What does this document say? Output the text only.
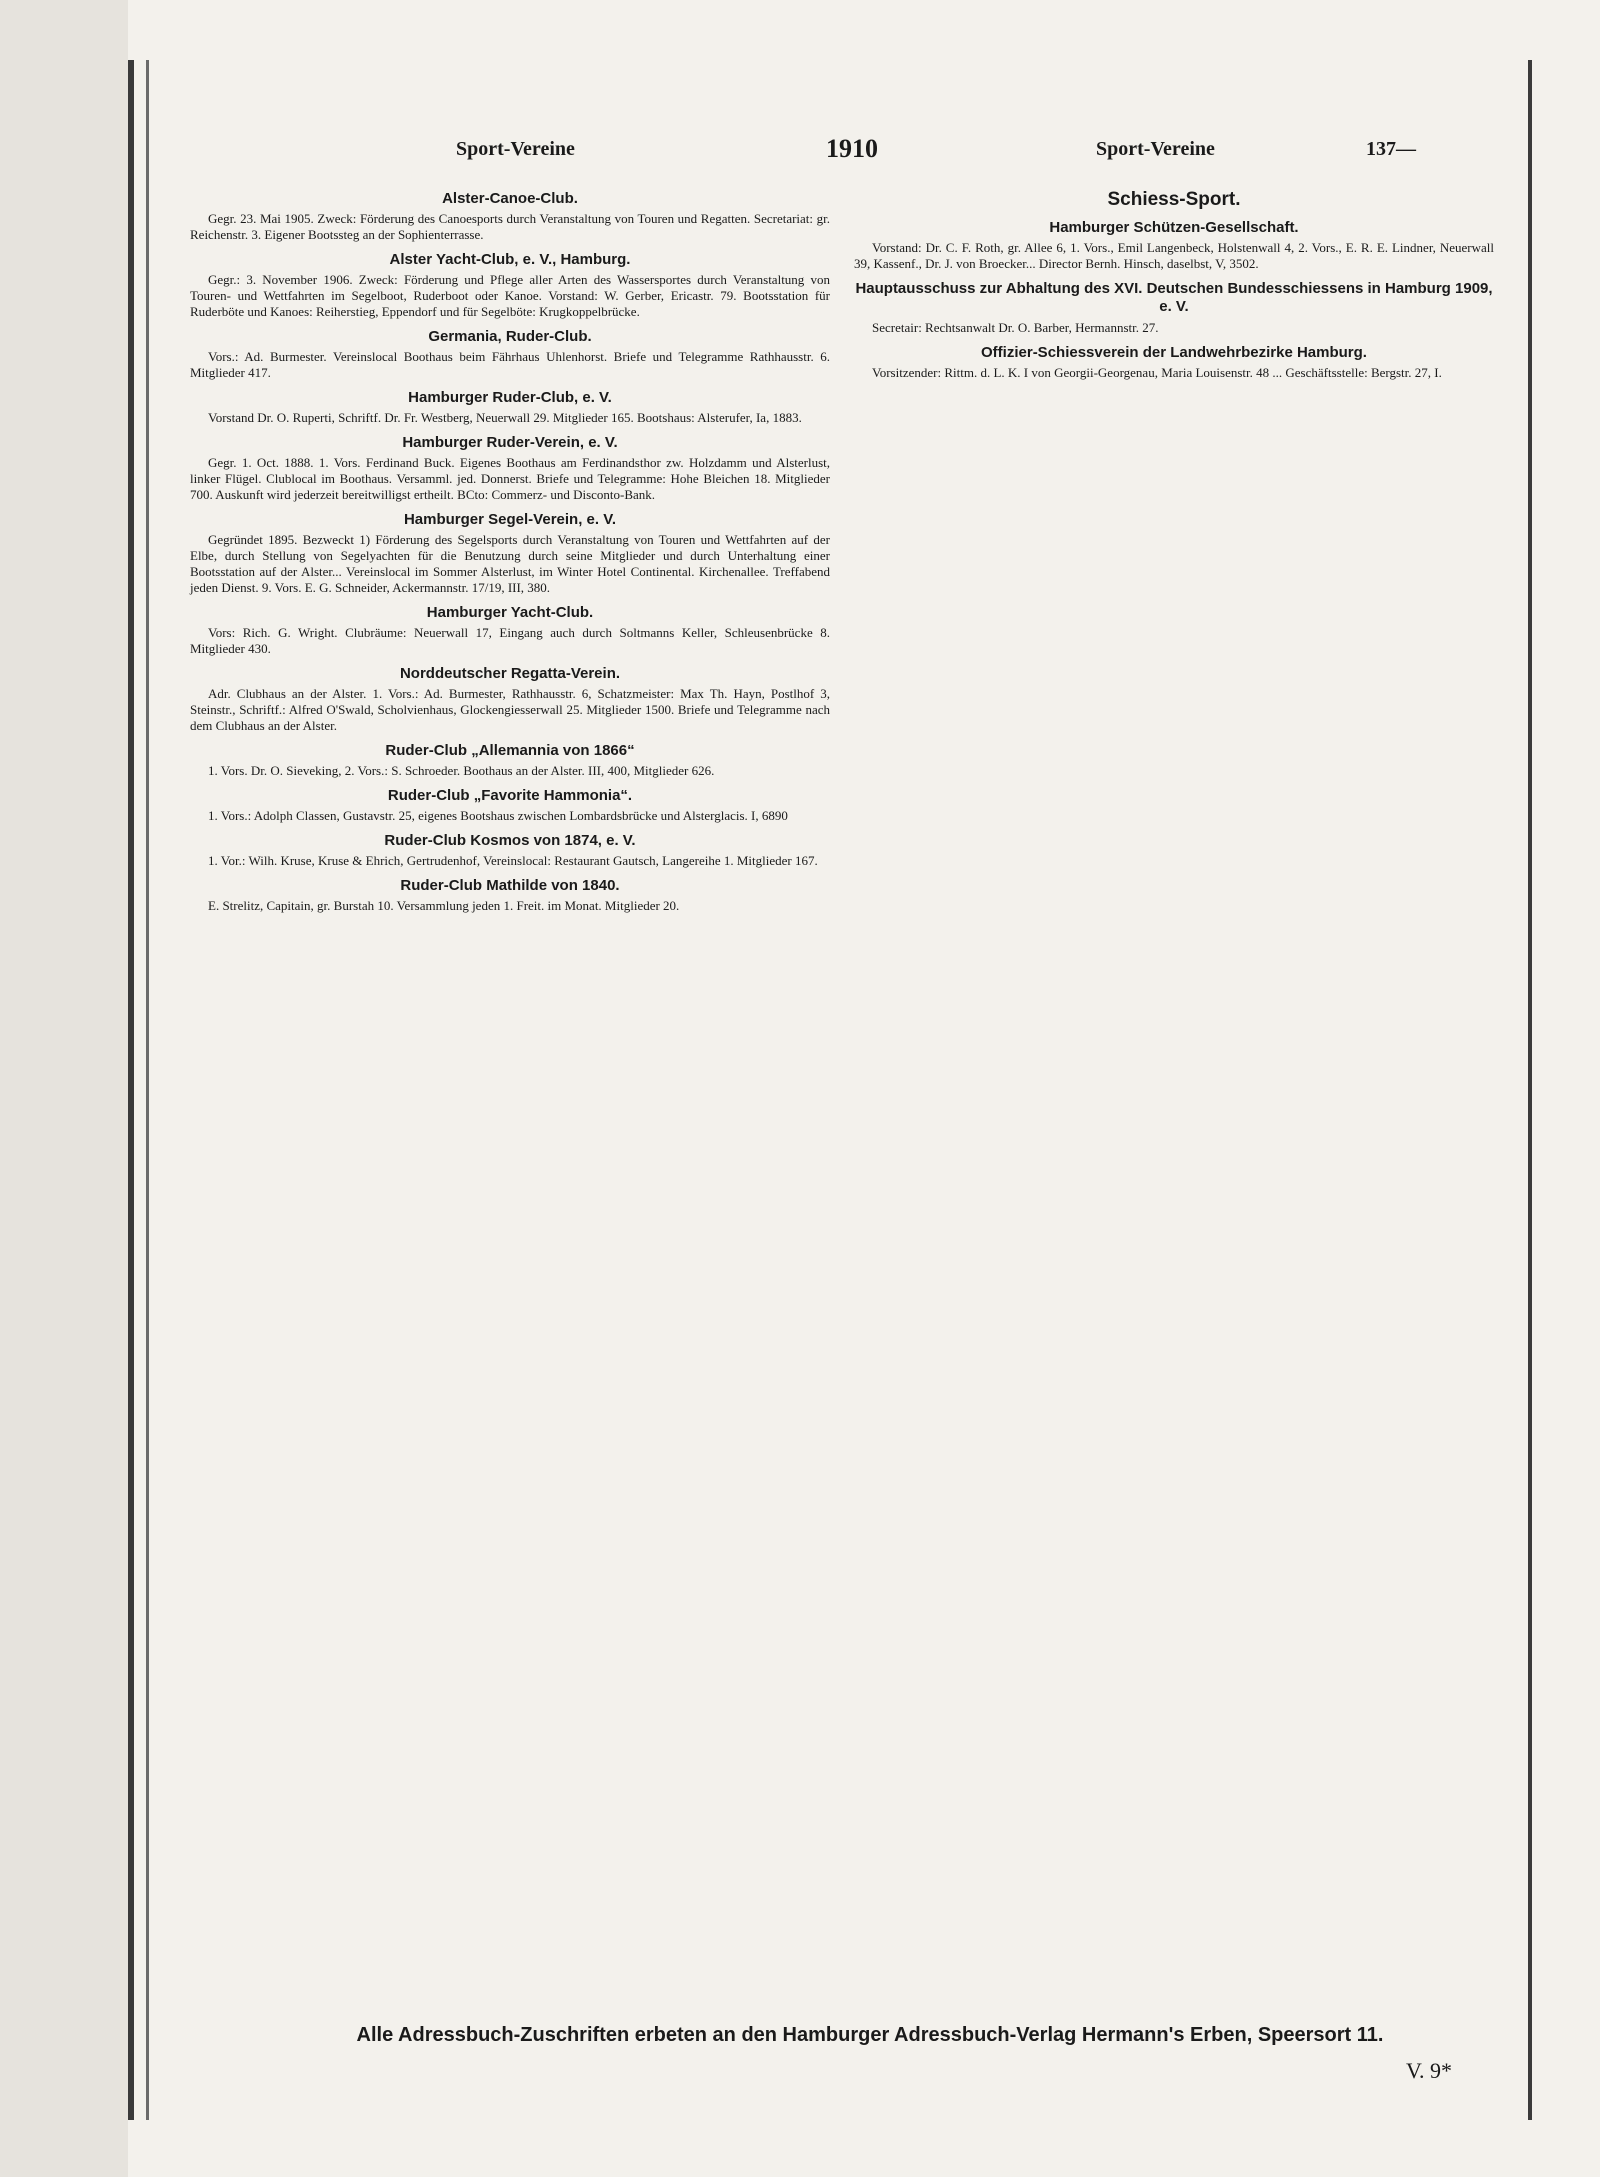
Sport-Vereine	1910	Sport-Vereine	137—
Alster-Canoe-Club.

Gegr. 23. Mai 1905. Zweck: Förderung des Canoesports durch Veranstaltung von Touren und Regatten. Secretariat: gr. Reichenstr. 3. Eigener Bootssteg an der Sophienterrasse.

Alster Yacht-Club, e. V., Hamburg.

Gegr.: 3. November 1906. Zweck: Förderung und Pflege aller Arten des Wassersportes durch Veranstaltung von Touren- und Wettfahrten im Segelboot, Ruderboot oder Kanoe. Vorstand: W. Gerber, Ericastr. 79. Bootsstation für Ruderböte und Kanoes: Reiherstieg, Eppendorf und für Segelböte: Krugkoppelbrücke.

Germania, Ruder-Club.

Vors.: Ad. Burmester. Vereinslocal Boothaus beim Fährhaus Uhlenhorst. Briefe und Telegramme Rathhausstr. 6. Mitglieder 417.

Hamburger Ruder-Club, e. V.

Vorstand Dr. O. Ruperti, Schriftf. Dr. Fr. Westberg, Neuerwall 29. Mitglieder 165. Bootshaus: Alsterufer, Ia, 1883.

Hamburger Ruder-Verein, e. V.

Gegr. 1. Oct. 1888. 1. Vors. Ferdinand Buck. Eigenes Boothaus am Ferdinandsthor zw. Holzdamm und Alsterlust, linker Flügel. Clublocal im Boothaus. Versamml. jed. Donnerst. Briefe und Telegramme: Hohe Bleichen 18. Mitglieder 700. Auskunft wird jederzeit bereitwilligst ertheilt. BCto: Commerz- und Disconto-Bank.

Hamburger Segel-Verein, e. V.

Gegründet 1895. Bezweckt 1) Förderung des Segelsports durch Veranstaltung von Touren und Wettfahrten auf der Elbe, durch Stellung von Segelyachten für die Benutzung durch seine Mitglieder und durch Unterhaltung einer Bootsstation auf der Alster... Vereinslocal im Sommer Alsterlust, im Winter Hotel Continental. Kirchenallee. Treffabend jeden Dienst. 9. Vors. E. G. Schneider, Ackermannstr. 17/19, III, 380.

Hamburger Yacht-Club.

Vors: Rich. G. Wright. Clubräume: Neuerwall 17, Eingang auch durch Soltmanns Keller, Schleusenbrücke 8. Mitglieder 430.

Norddeutscher Regatta-Verein.

Adr. Clubhaus an der Alster. 1. Vors.: Ad. Burmester, Rathhausstr. 6, Schatzmeister: Max Th. Hayn, Postlhof 3, Steinstr., Schriftf.: Alfred O'Swald, Scholvienhaus, Glockengiesserwall 25. Mitglieder 1500. Briefe und Telegramme nach dem Clubhaus an der Alster.

Ruder-Club „Allemannia von 1866“

1. Vors. Dr. O. Sieveking, 2. Vors.: S. Schroeder. Boothaus an der Alster. III, 400, Mitglieder 626.

Ruder-Club „Favorite Hammonia“.

1. Vors.: Adolph Classen, Gustavstr. 25, eigenes Bootshaus zwischen Lombardsbrücke und Alsterglacis. I, 6890

Ruder-Club Kosmos von 1874, e. V.

1. Vor.: Wilh. Kruse, Kruse & Ehrich, Gertrudenhof, Vereinslocal: Restaurant Gautsch, Langereihe 1. Mitglieder 167.

Ruder-Club Mathilde von 1840.

E. Strelitz, Capitain, gr. Burstah 10. Versammlung jeden 1. Freit. im Monat. Mitglieder 20.

Schiess-Sport.
Hamburger Schützen-Gesellschaft.

Vorstand: Dr. C. F. Roth, gr. Allee 6, 1. Vors., Emil Langenbeck, Holstenwall 4, 2. Vors., E. R. E. Lindner, Neuerwall 39, Kassenf., Dr. J. von Broecker... Director Bernh. Hinsch, daselbst, V, 3502.

Hauptausschuss zur Abhaltung des XVI. Deutschen Bundesschiessens in Hamburg 1909, e. V.

Secretair: Rechtsanwalt Dr. O. Barber, Hermannstr. 27.

Offizier-Schiessverein der Landwehrbezirke Hamburg.

Vorsitzender: Rittm. d. L. K. I von Georgii-Georgenau, Maria Louisenstr. 48 ... Geschäftsstelle: Bergstr. 27, I.

Alle Adressbuch-Zuschriften erbeten an den Hamburger Adressbuch-Verlag Hermann's Erben, Speersort 11.
V. 9*
